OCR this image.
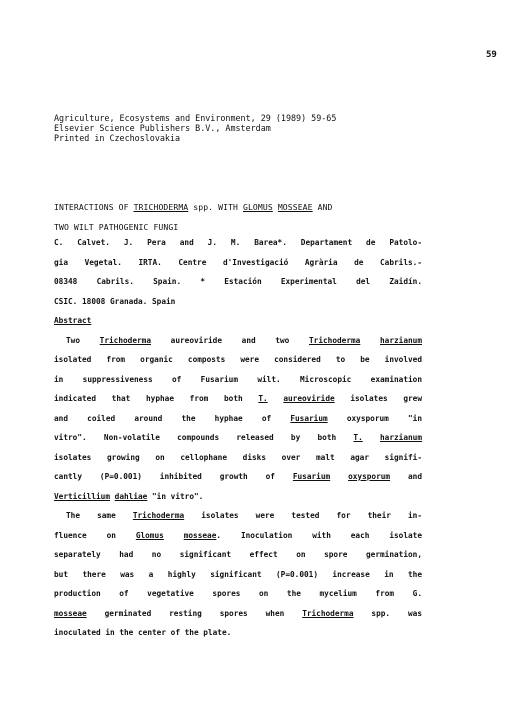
59
Agriculture, Ecosystems and Environment, 29 (1989) 59-65
Elsevier Science Publishers B.V., Amsterdam
Printed in Czechoslovakia
INTERACTIONS OF TRICHODERMA spp. WITH GLOMUS MOSSEAE AND
TWO WILT PATHOGENIC FUNGI
C. Calvet. J. Pera and J. M. Barea*. Departament de Patolo-
gia Vegetal. IRTA. Centre d'Investigació Agrària de Cabrils.-
08348 Cabrils. Spain. * Estación Experimental del Zaidín.
CSIC. 18008 Granada. Spain
Abstract
Two Trichoderma aureoviride and two Trichoderma	harzianum
isolated from organic composts were considered to be involved
in suppressiveness of Fusarium wilt. Microscopic examination
indicated that hyphae from both T. aureoviride isolates grew
and coiled around the hyphae of Fusarium oxysporum "in
vitro". Non-volatile compounds released by both T. harzianum
isolates growing on cellophane disks over malt agar signifi-
cantly (P=0.001) inhibited growth of Fusarium oxysporum and
Verticillium dahliae "in vitro".
The same Trichoderma isolates were tested for their in-
fluence on Glomus	mosseae. Inoculation with each isolate
separately had no significant effect on spore germination,
but there was a highly significant (P=0.001) increase in the
production of vegetative spores on the mycelium from G.
mosseae germinated resting spores when Trichoderma spp. was
inoculated in the center of the plate.
